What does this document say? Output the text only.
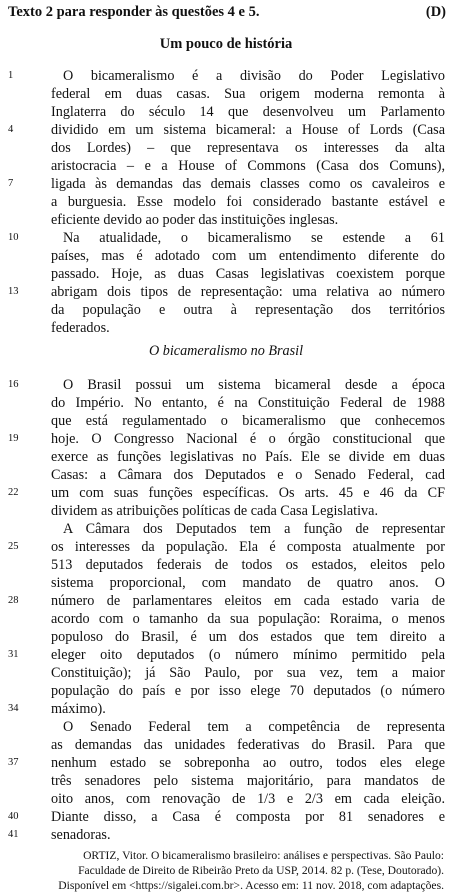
Texto 2 para responder às questões 4 e 5.	(D)
Um pouco de história
O bicameralismo é a divisão do Poder Legislativo
federal em duas casas. Sua origem moderna remonta à
Inglaterra do século 14 que desenvolveu um Parlamento
dividido em um sistema bicameral: a House of Lords (Casa
dos Lordes) – que representava os interesses da alta
aristocracia – e a House of Commons (Casa dos Comuns),
ligada às demandas das demais classes como os cavaleiros e
a burguesia. Esse modelo foi considerado bastante estável e
eficiente devido ao poder das instituições inglesas.
Na atualidade, o bicameralismo se estende a 61
países, mas é adotado com um entendimento diferente do
passado. Hoje, as duas Casas legislativas coexistem porque
abrigam dois tipos de representação: uma relativa ao número
da população e outra à representação dos territórios
federados.
O bicameralismo no Brasil
O Brasil possui um sistema bicameral desde a época
do Império. No entanto, é na Constituição Federal de 1988
que está regulamentado o bicameralismo que conhecemos
hoje. O Congresso Nacional é o órgão constitucional que
exerce as funções legislativas no País. Ele se divide em duas
Casas: a Câmara dos Deputados e o Senado Federal, cad
um com suas funções específicas. Os arts. 45 e 46 da CF
dividem as atribuições políticas de cada Casa Legislativa.
A Câmara dos Deputados tem a função de representar
os interesses da população. Ela é composta atualmente por
513 deputados federais de todos os estados, eleitos pelo
sistema proporcional, com mandato de quatro anos. O
número de parlamentares eleitos em cada estado varia de
acordo com o tamanho da sua população: Roraima, o menos
populoso do Brasil, é um dos estados que tem direito a
eleger oito deputados (o número mínimo permitido pela
Constituição); já São Paulo, por sua vez, tem a maior
população do país e por isso elege 70 deputados (o número
máximo).
O Senado Federal tem a competência de representa
as demandas das unidades federativas do Brasil. Para que
nenhum estado se sobreponha ao outro, todos eles elege
três senadores pelo sistema majoritário, para mandatos de
oito anos, com renovação de 1/3 e 2/3 em cada eleição.
Diante disso, a Casa é composta por 81 senadores e
senadoras.
1
4
7
10
13
16
19
22
25
28
31
34
37
40
41
ORTIZ, Vitor. O bicameralismo brasileiro: análises e perspectivas. São Paulo:
Faculdade de Direito de Ribeirão Preto da USP, 2014. 82 p. (Tese, Doutorado).
Disponível em <https://sigalei.com.br>. Acesso em: 11 nov. 2018, com adaptações.
